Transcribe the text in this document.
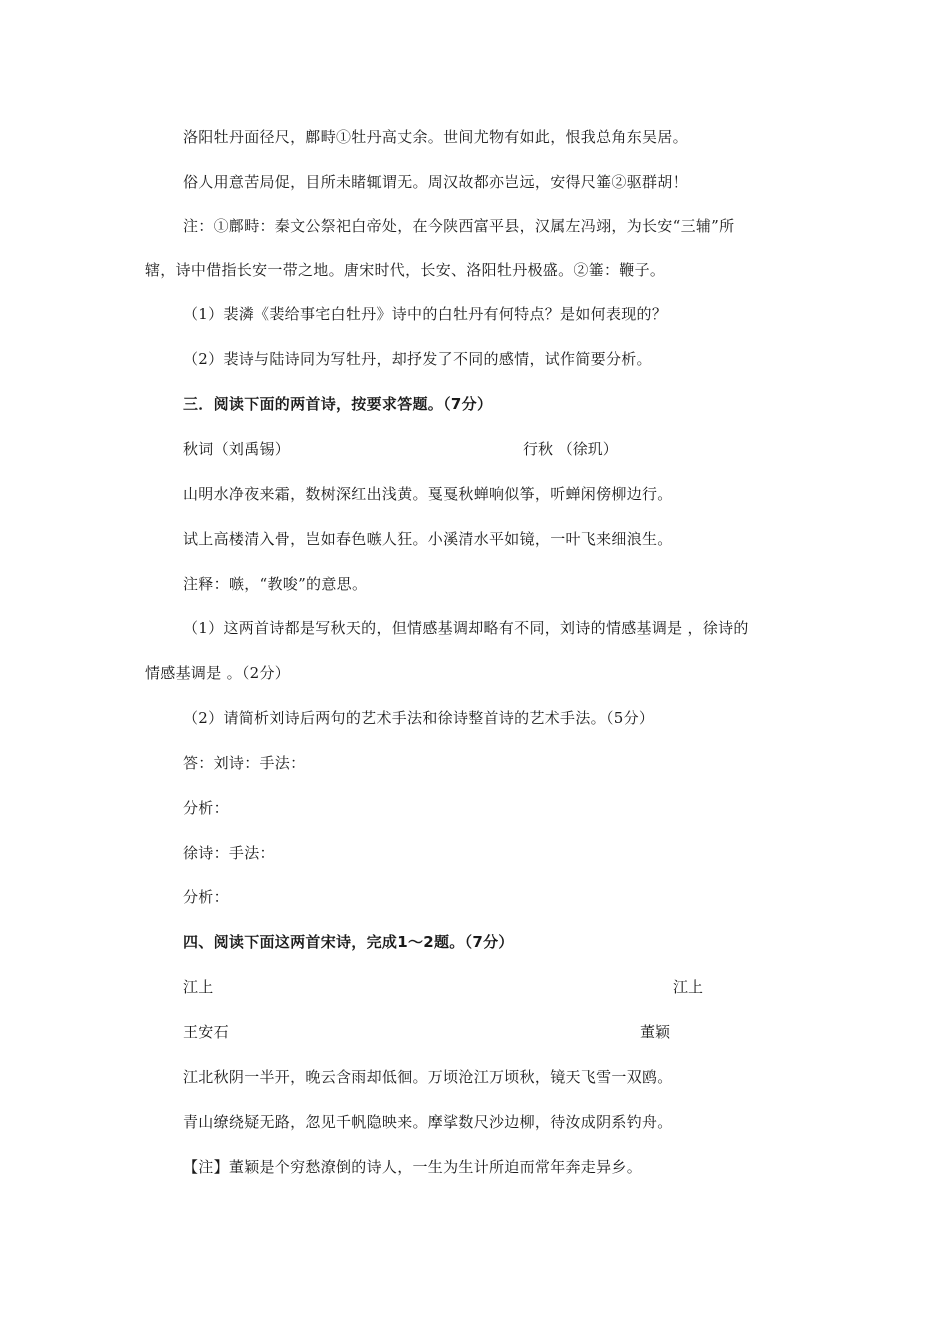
洛阳牡丹面径尺，鄜畤①牡丹高丈余。世间尤物有如此，恨我总角东吴居。
俗人用意苦局促，目所未睹辄谓无。周汉故都亦岂远，安得尺箠②驱群胡！
注：①鄜畤：秦文公祭祀白帝处，在今陕西富平县，汉属左冯翊，为长安“三辅”所
辖，诗中借指长安一带之地。唐宋时代，长安、洛阳牡丹极盛。②箠：鞭子。
（1）裴潾《裴给事宅白牡丹》诗中的白牡丹有何特点？是如何表现的？
（2）裴诗与陆诗同为写牡丹，却抒发了不同的感情，试作简要分析。
三．阅读下面的两首诗，按要求答题。（7分）
秋词（刘禹锡）	行秋 （徐玑）
山明水净夜来霜，数树深红出浅黄。戛戛秋蝉响似筝，听蝉闲傍柳边行。
试上高楼清入骨，岂如春色嗾人狂。小溪清水平如镜，一叶飞来细浪生。
注释：嗾，“教唆”的意思。
（1）这两首诗都是写秋天的，但情感基调却略有不同，刘诗的情感基调是 ，徐诗的
情感基调是 。（2分）
（2）请简析刘诗后两句的艺术手法和徐诗整首诗的艺术手法。（5分）
答：刘诗：手法：
分析：
徐诗：手法：
分析：
四、阅读下面这两首宋诗，完成1～2题。（7分）
江上	江上
王安石	董颖
江北秋阴一半开，晚云含雨却低徊。万顷沧江万顷秋，镜天飞雪一双鸥。
青山缭绕疑无路，忽见千帆隐映来。摩挲数尺沙边柳，待汝成阴系钓舟。
【注】董颖是个穷愁潦倒的诗人，一生为生计所迫而常年奔走异乡。
